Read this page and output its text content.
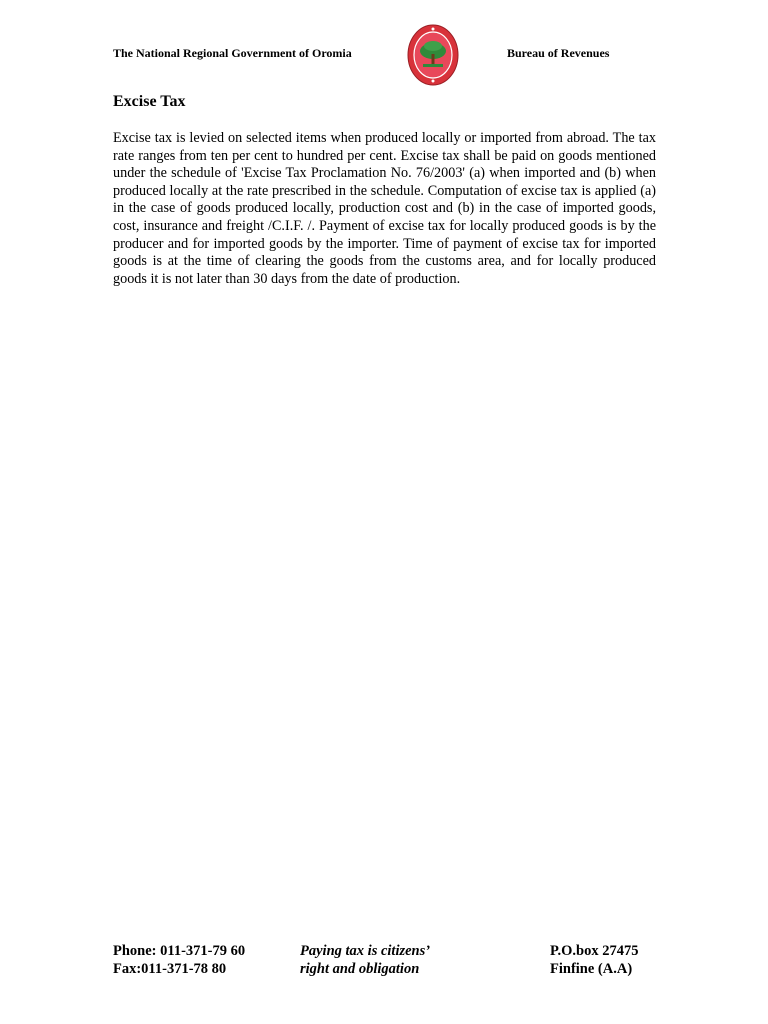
The National Regional Government of Oromia	Bureau of Revenues
Excise Tax

Excise tax is levied on selected items when produced locally or imported from abroad. The tax rate ranges from ten per cent to hundred per cent. Excise tax shall be paid on goods mentioned under the schedule of 'Excise Tax Proclamation No. 76/2003' (a) when imported and (b) when produced locally at the rate prescribed in the schedule. Computation of excise tax is applied (a) in the case of goods produced locally, production cost and (b) in the case of imported goods, cost, insurance and freight /C.I.F. /. Payment of excise tax for locally produced goods is by the producer and for imported goods by the importer. Time of payment of excise tax for imported goods is at the time of clearing the goods from the customs area, and for locally produced goods it is not later than 30 days from the date of production.

Phone: 011-371-79 60
Fax:011-371-78 80
Paying tax is citizens’
right and obligation
P.O.box 27475
Finfine (A.A)
